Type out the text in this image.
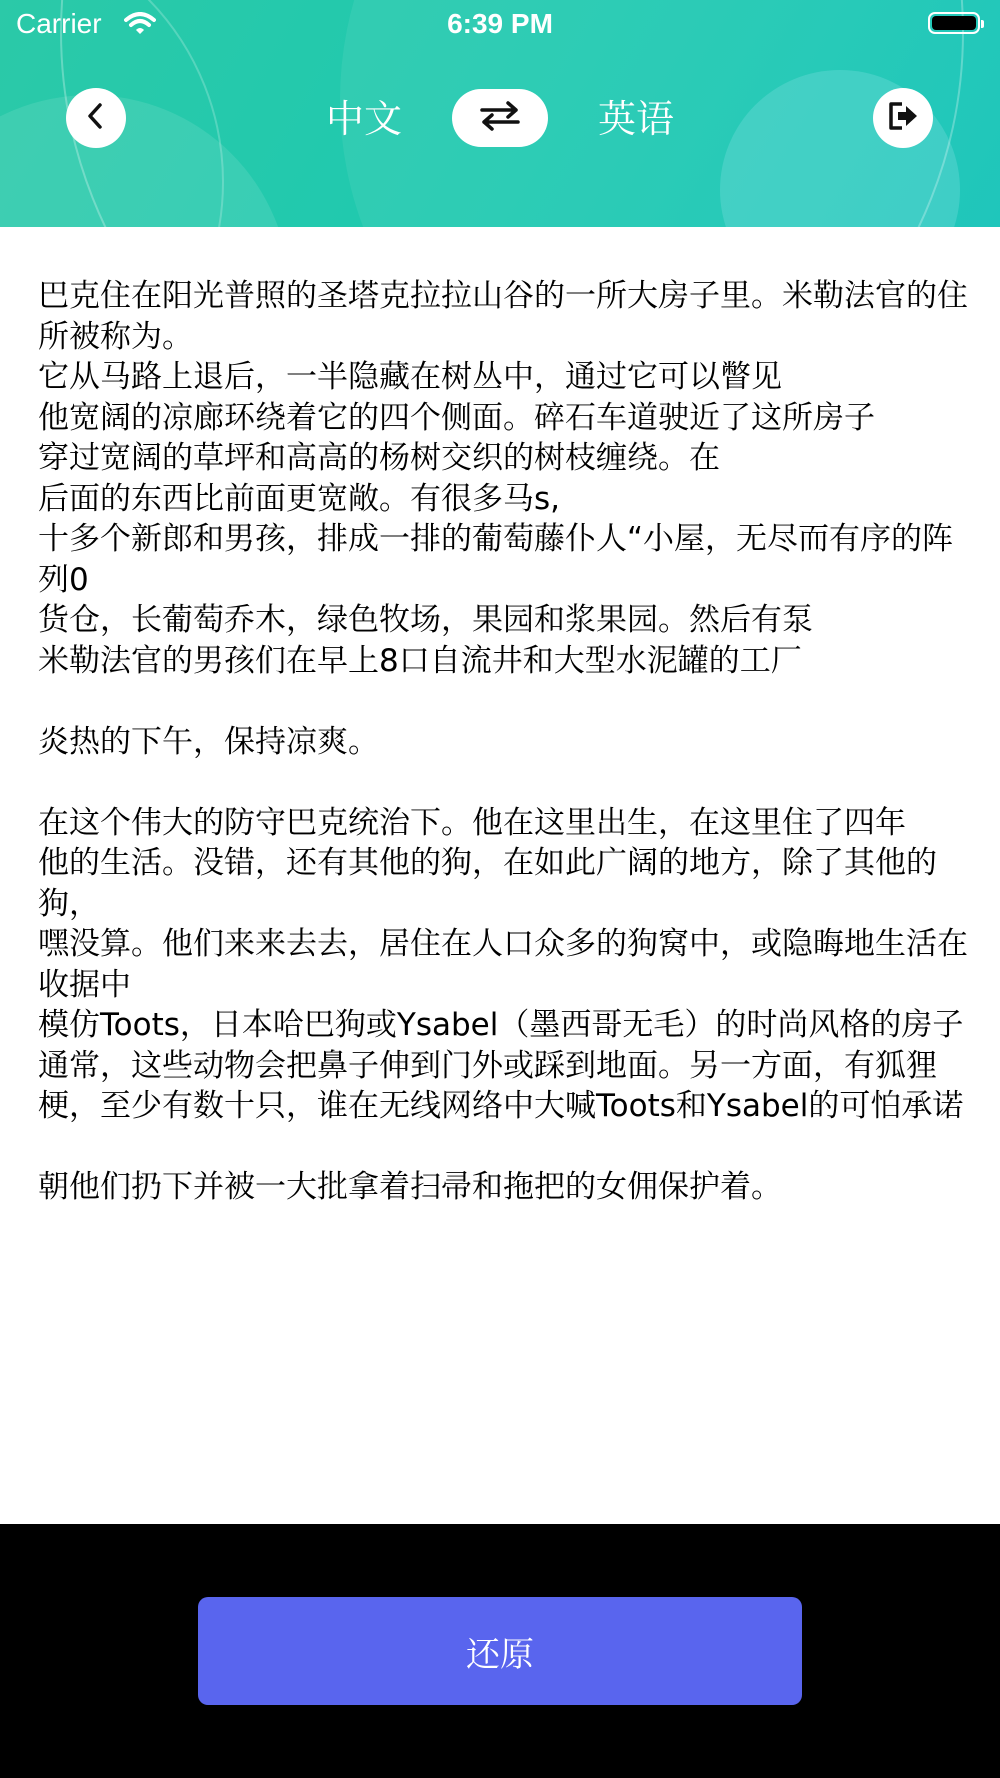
Carrier	6:39 PM
中文	英语

巴克住在阳光普照的圣塔克拉拉山谷的一所大房子里。米勒法官的住所被称为。

它从马路上退后，一半隐藏在树丛中，通过它可以瞥见

他宽阔的凉廊环绕着它的四个侧面。碎石车道驶近了这所房子

穿过宽阔的草坪和高高的杨树交织的树枝缠绕。在

后面的东西比前面更宽敞。有很多马s,

十多个新郎和男孩，排成一排的葡萄藤仆人“小屋，无尽而有序的阵列0

货仓，长葡萄乔木，绿色牧场，果园和浆果园。然后有泵

米勒法官的男孩们在早上8口自流井和大型水泥罐的工厂

炎热的下午，保持凉爽。

在这个伟大的防守巴克统治下。他在这里出生，在这里住了四年

他的生活。没错，还有其他的狗，在如此广阔的地方，除了其他的狗，

嘿没算。他们来来去去，居住在人口众多的狗窝中，或隐晦地生活在收据中

模仿Toots，日本哈巴狗或Ysabel（墨西哥无毛）的时尚风格的房子

通常，这些动物会把鼻子伸到门外或踩到地面。另一方面，有狐狸

梗，至少有数十只，谁在无线网络中大喊Toots和Ysabel的可怕承诺

朝他们扔下并被一大批拿着扫帚和拖把的女佣保护着。

还原
